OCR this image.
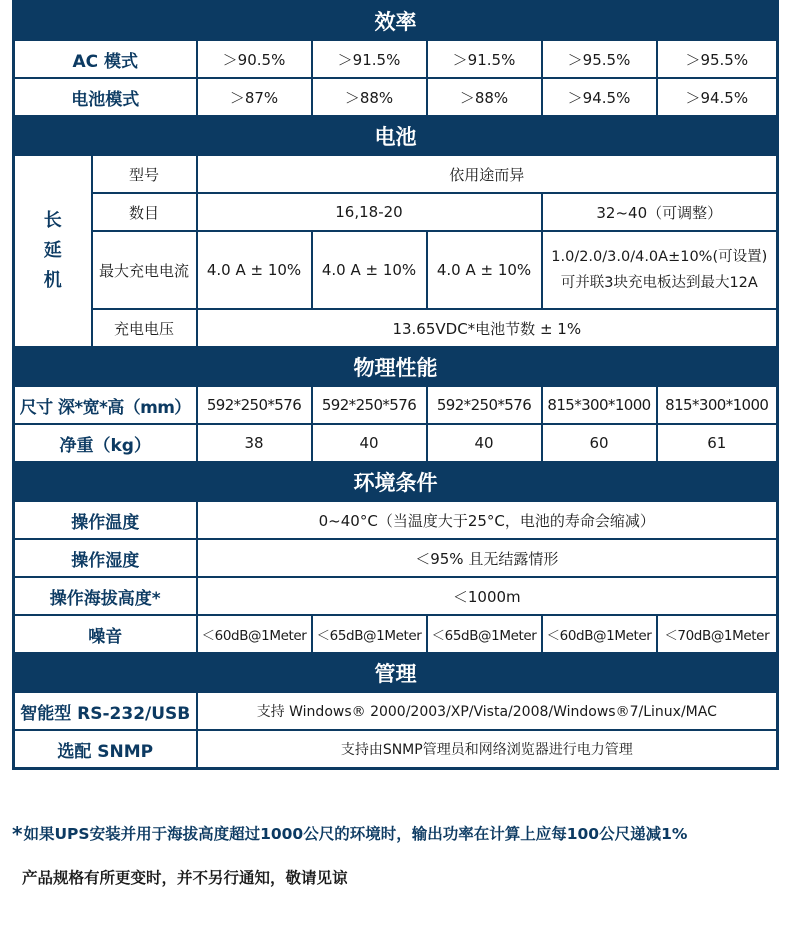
效率						
AC 模式		＞90.5%	＞91.5%	＞91.5%	＞95.5%	＞95.5%
电池模式		＞87%	＞88%	＞88%	＞94.5%	＞94.5%
电池						

长
延
机	型号	依用途而异				
	数目	16,18-20			32~40（可调整）	
	最大充电电流	4.0 A ± 10%	4.0 A ± 10%	4.0 A ± 10%	1.0/2.0/3.0/4.0A±10%(可设置)
可并联3块充电板达到最大12A	

	充电电压	13.65VDC*电池节数 ± 1%				
物理性能						
尺寸 深*宽*高（mm）		592*250*576	592*250*576	592*250*576	815*300*1000	815*300*1000
净重（kg）		38	40	40	60	61
环境条件						
操作温度		0~40°C（当温度大于25°C，电池的寿命会缩减）				
操作湿度		＜95% 且无结露情形				
操作海拔高度*		＜1000m				
噪音		＜60dB@1Meter	＜65dB@1Meter	＜65dB@1Meter	＜60dB@1Meter	＜70dB@1Meter
管理						
智能型 RS-232/USB		支持 Windows® 2000/2003/XP/Vista/2008/Windows®7/Linux/MAC				
选配 SNMP		支持由SNMP管理员和网络浏览器进行电力管理				
*如果UPS安装并用于海拔高度超过1000公尺的环境时，输出功率在计算上应每100公尺递减1%
产品规格有所更变时，并不另行通知，敬请见谅
